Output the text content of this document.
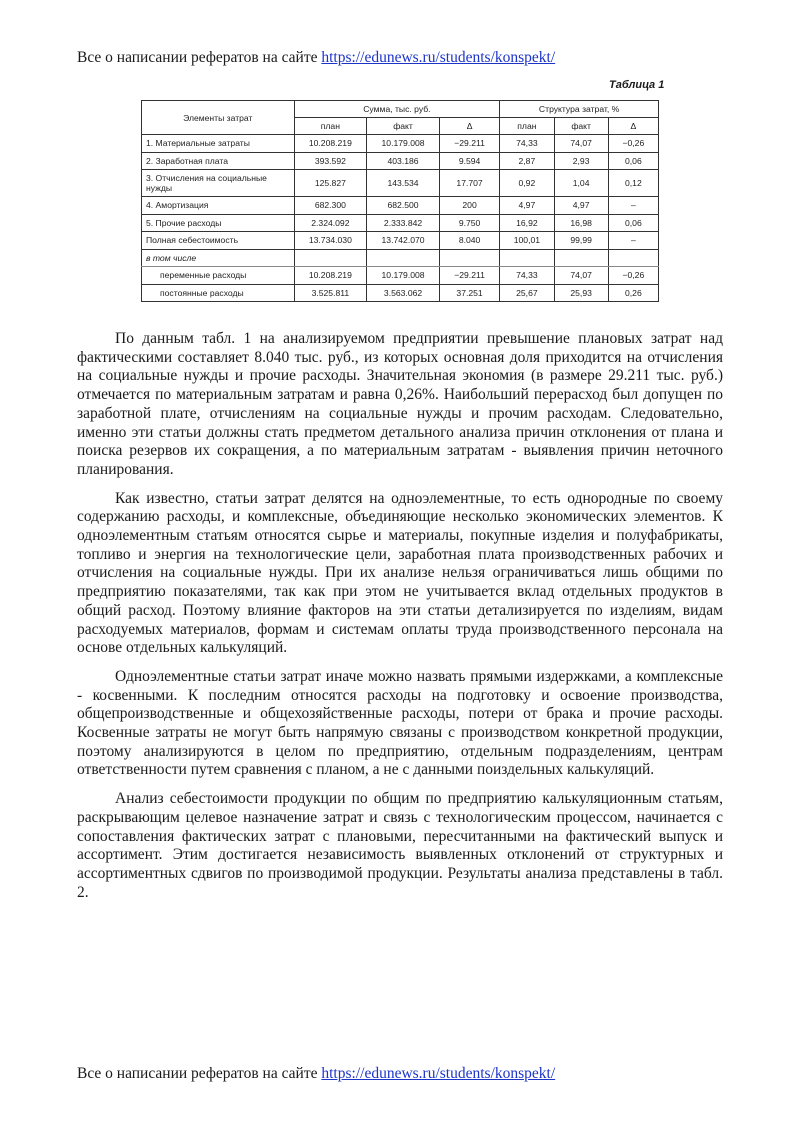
Все о написании рефератов на сайте https://edunews.ru/students/konspekt/
Таблица 1
Элементы затрат	Сумма, тыс. руб.			Структура затрат, %		
	план	факт	Δ	план	факт	Δ
1. Материальные затраты	10.208.219	10.179.008	−29.211	74,33	74,07	−0,26
2. Заработная плата	393.592	403.186	9.594	2,87	2,93	0,06
3. Отчисления на социальные нужды	125.827	143.534	17.707	0,92	1,04	0,12
4. Амортизация	682.300	682.500	200	4,97	4,97	–
5. Прочие расходы	2.324.092	2.333.842	9.750	16,92	16,98	0,06
Полная себестоимость	13.734.030	13.742.070	8.040	100,01	99,99	–
в том числе						
переменные расходы	10.208.219	10.179.008	−29.211	74,33	74,07	−0,26
постоянные расходы	3.525.811	3.563.062	37.251	25,67	25,93	0,26

По данным табл. 1 на анализируемом предприятии превышение плановых затрат над фактическими составляет 8.040 тыс. руб., из которых основная доля приходится на отчисления на социальные нужды и прочие расходы. Значительная экономия (в размере 29.211 тыс. руб.) отмечается по материальным затратам и равна 0,26%. Наибольший перерасход был допущен по заработной плате, отчислениям на социальные нужды и прочим расходам. Следовательно, именно эти статьи должны стать предметом детального анализа причин отклонения от плана и поиска резервов их сокращения, а по материальным затратам - выявления причин неточного планирования.

Как известно, статьи затрат делятся на одноэлементные, то есть однородные по своему содержанию расходы, и комплексные, объединяющие несколько экономических элементов. К одноэлементным статьям относятся сырье и материалы, покупные изделия и полуфабрикаты, топливо и энергия на технологические цели, заработная плата производственных рабочих и отчисления на социальные нужды. При их анализе нельзя ограничиваться лишь общими по предприятию показателями, так как при этом не учитывается вклад отдельных продуктов в общий расход. Поэтому влияние факторов на эти статьи детализируется по изделиям, видам расходуемых материалов, формам и системам оплаты труда производственного персонала на основе отдельных калькуляций.

Одноэлементные статьи затрат иначе можно назвать прямыми издержками, а комплексные - косвенными. К последним относятся расходы на подготовку и освоение производства, общепроизводственные и общехозяйственные расходы, потери от брака и прочие расходы. Косвенные затраты не могут быть напрямую связаны с производством конкретной продукции, поэтому анализируются в целом по предприятию, отдельным подразделениям, центрам ответственности путем сравнения с планом, а не с данными поиздельных калькуляций.

Анализ себестоимости продукции по общим по предприятию калькуляционным статьям, раскрывающим целевое назначение затрат и связь с технологическим процессом, начинается с сопоставления фактических затрат с плановыми, пересчитанными на фактический выпуск и ассортимент. Этим достигается независимость выявленных отклонений от структурных и ассортиментных сдвигов по производимой продукции. Результаты анализа представлены в табл. 2.

Все о написании рефератов на сайте https://edunews.ru/students/konspekt/
